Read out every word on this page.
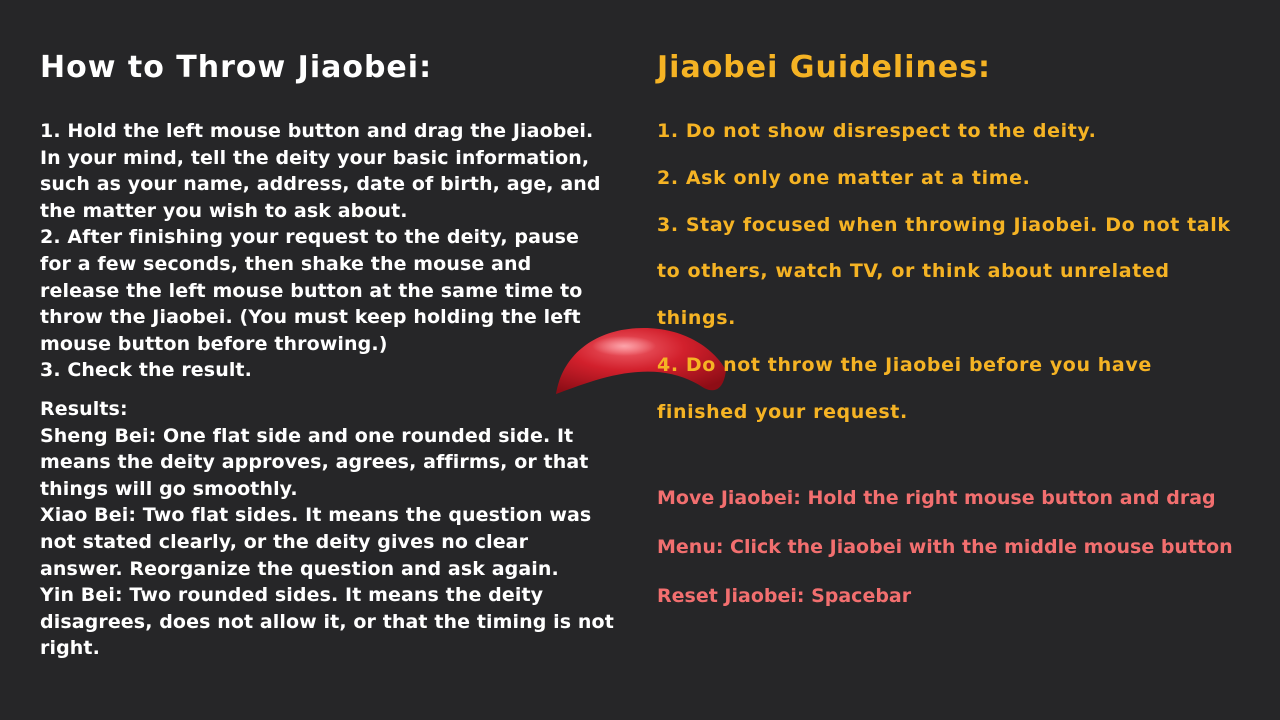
How to Throw Jiaobei:
1. Hold the left mouse button and drag the Jiaobei.
In your mind, tell the deity your basic information,
such as your name, address, date of birth, age, and
the matter you wish to ask about.
2. After finishing your request to the deity, pause
for a few seconds, then shake the mouse and
release the left mouse button at the same time to
throw the Jiaobei. (You must keep holding the left
mouse button before throwing.)
3. Check the result.
Results:
Sheng Bei: One flat side and one rounded side. It
means the deity approves, agrees, affirms, or that
things will go smoothly.
Xiao Bei: Two flat sides. It means the question was
not stated clearly, or the deity gives no clear
answer. Reorganize the question and ask again.
Yin Bei: Two rounded sides. It means the deity
disagrees, does not allow it, or that the timing is not
right.
Jiaobei Guidelines:
1. Do not show disrespect to the deity.
2. Ask only one matter at a time.
3. Stay focused when throwing Jiaobei. Do not talk
to others, watch TV, or think about unrelated
things.
4. Do not throw the Jiaobei before you have
finished your request.
Move Jiaobei: Hold the right mouse button and drag
Menu: Click the Jiaobei with the middle mouse button
Reset Jiaobei: Spacebar
